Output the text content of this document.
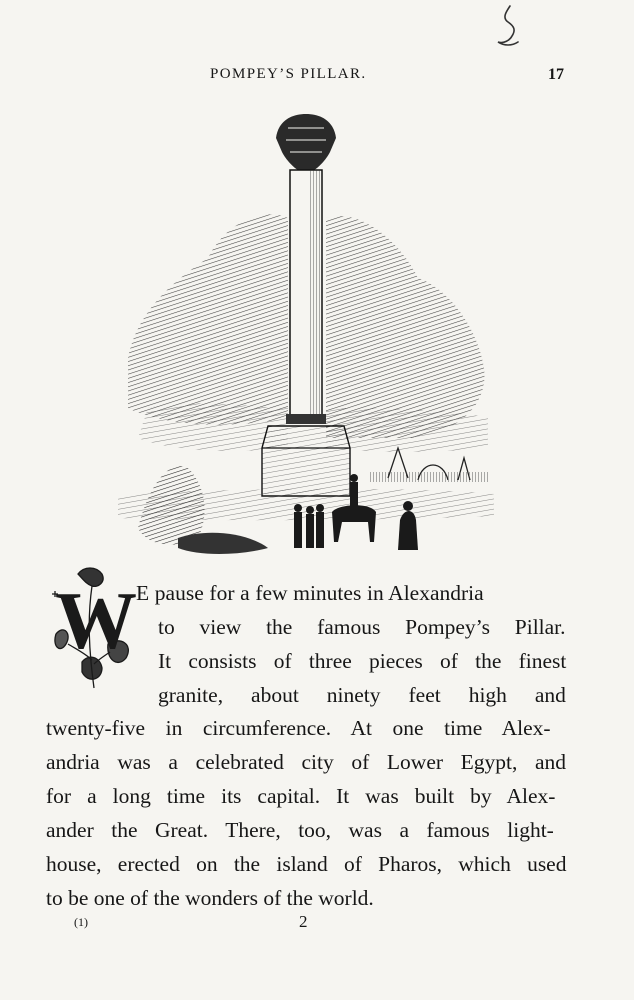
POMPEY’S PILLAR.	17
W E pause for a few minutes in Alexandria
to view the famous Pompey’s Pillar.
It consists of three pieces of the finest
granite, about ninety feet high and
twenty-five in circumference. At one time Alex-
andria was a celebrated city of Lower Egypt, and
for a long time its capital. It was built by Alex-
ander the Great. There, too, was a famous light-
house, erected on the island of Pharos, which used
to be one of the wonders of the world.
(1)	2
